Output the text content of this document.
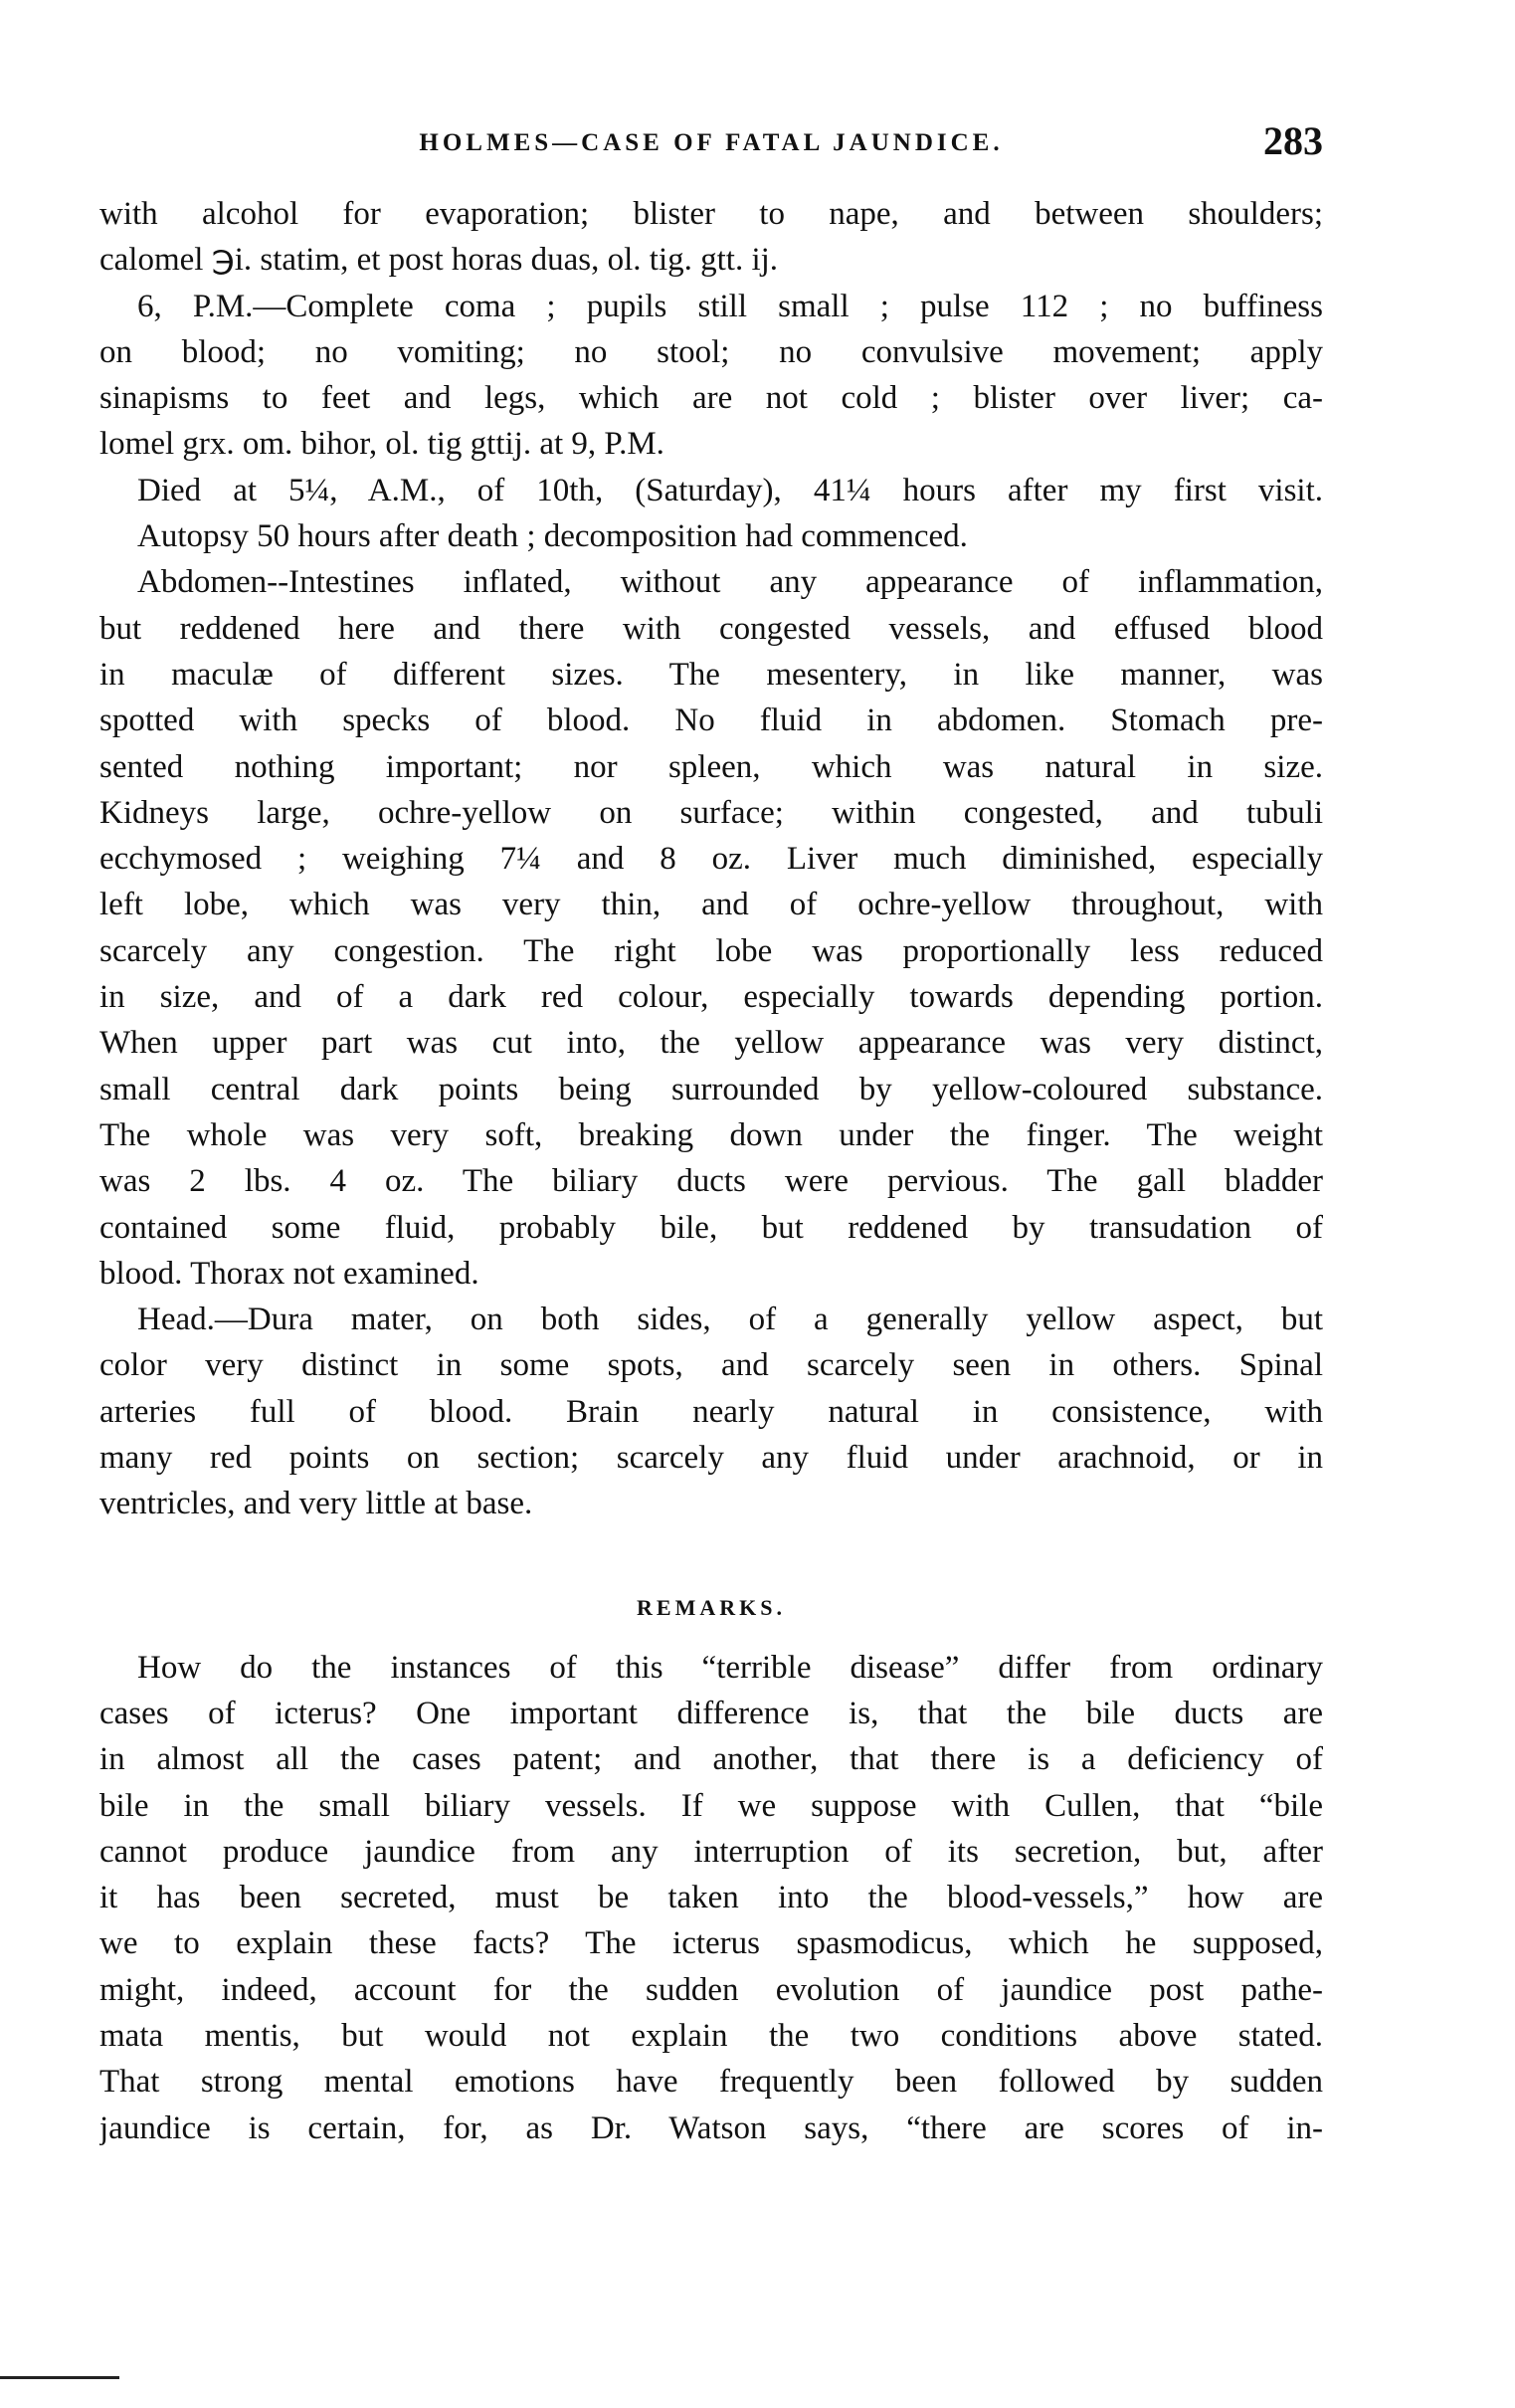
HOLMES—CASE OF FATAL JAUNDICE.	283
with alcohol for evaporation; blister to nape, and between shoulders;
calomel ℈i. statim, et post horas duas, ol. tig. gtt. ij.
6, P.M.—Complete coma ; pupils still small ; pulse 112 ; no buffiness
on blood; no vomiting; no stool; no convulsive movement; apply
sinapisms to feet and legs, which are not cold ; blister over liver; ca-
lomel grx. om. bihor, ol. tig gttij. at 9, P.M.
Died at 5¼, A.M., of 10th, (Saturday), 41¼ hours after my first visit.
Autopsy 50 hours after death ; decomposition had commenced.
Abdomen--Intestines inflated, without any appearance of inflammation,
but reddened here and there with congested vessels, and effused blood
in maculæ of different sizes. The mesentery, in like manner, was
spotted with specks of blood. No fluid in abdomen. Stomach pre-
sented nothing important; nor spleen, which was natural in size.
Kidneys large, ochre-yellow on surface; within congested, and tubuli
ecchymosed ; weighing 7¼ and 8 oz. Liver much diminished, especially
left lobe, which was very thin, and of ochre-yellow throughout, with
scarcely any congestion. The right lobe was proportionally less reduced
in size, and of a dark red colour, especially towards depending portion.
When upper part was cut into, the yellow appearance was very distinct,
small central dark points being surrounded by yellow-coloured substance.
The whole was very soft, breaking down under the finger. The weight
was 2 lbs. 4 oz. The biliary ducts were pervious. The gall bladder
contained some fluid, probably bile, but reddened by transudation of
blood. Thorax not examined.
Head.—Dura mater, on both sides, of a generally yellow aspect, but
color very distinct in some spots, and scarcely seen in others. Spinal
arteries full of blood. Brain nearly natural in consistence, with
many red points on section; scarcely any fluid under arachnoid, or in
ventricles, and very little at base.
REMARKS.
How do the instances of this “terrible disease” differ from ordinary
cases of icterus? One important difference is, that the bile ducts are
in almost all the cases patent; and another, that there is a deficiency of
bile in the small biliary vessels. If we suppose with Cullen, that “bile
cannot produce jaundice from any interruption of its secretion, but, after
it has been secreted, must be taken into the blood-vessels,” how are
we to explain these facts? The icterus spasmodicus, which he supposed,
might, indeed, account for the sudden evolution of jaundice post pathe-
mata mentis, but would not explain the two conditions above stated.
That strong mental emotions have frequently been followed by sudden
jaundice is certain, for, as Dr. Watson says, “there are scores of in-
